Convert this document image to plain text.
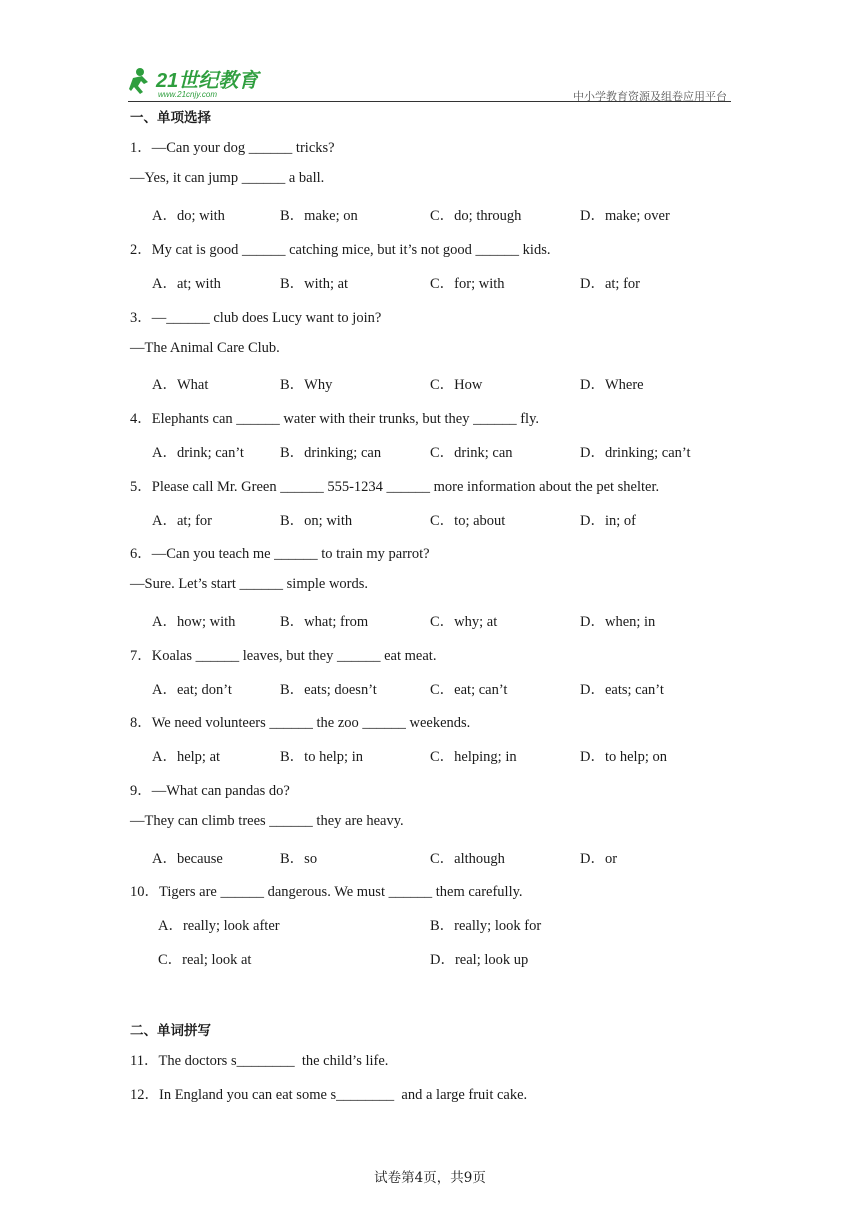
21世纪教育
www.21cnjy.com	中小学教育资源及组卷应用平台
一、单项选择
1．—Can your dog ______ tricks?
—Yes, it can jump ______ a ball.
A．do; with	B．make; on	C．do; through	D．make; over
2．My cat is good ______ catching mice, but it’s not good ______ kids.
A．at; with	B．with; at	C．for; with	D．at; for
3．—______ club does Lucy want to join?
—The Animal Care Club.
A．What	B．Why	C．How	D．Where
4．Elephants can ______ water with their trunks, but they ______ fly.
A．drink; can’t B．drinking; can	C．drink; can	D．drinking; can’t
5．Please call Mr. Green ______ 555-1234 ______ more information about the pet shelter.
A．at; for	B．on; with	C．to; about	D．in; of
6．—Can you teach me ______ to train my parrot?
—Sure. Let’s start ______ simple words.
A．how; with	B．what; from	C．why; at	D．when; in
7．Koalas ______ leaves, but they ______ eat meat.
A．eat; don’t	B．eats; doesn’t	C．eat; can’t	D．eats; can’t
8．We need volunteers ______ the zoo ______ weekends.
A．help; at	B．to help; in	C．helping; in	D．to help; on
9．—What can pandas do?
—They can climb trees ______ they are heavy.
A．because	B．so	C．although	D．or
10．Tigers are ______ dangerous. We must ______ them carefully.
A．really; look after	B．really; look for
C．real; look at	D．real; look up
二、单词拼写
11．The doctors s________  the child’s life.
12．In England you can eat some s________  and a large fruit cake.
试卷第4页，共9页
